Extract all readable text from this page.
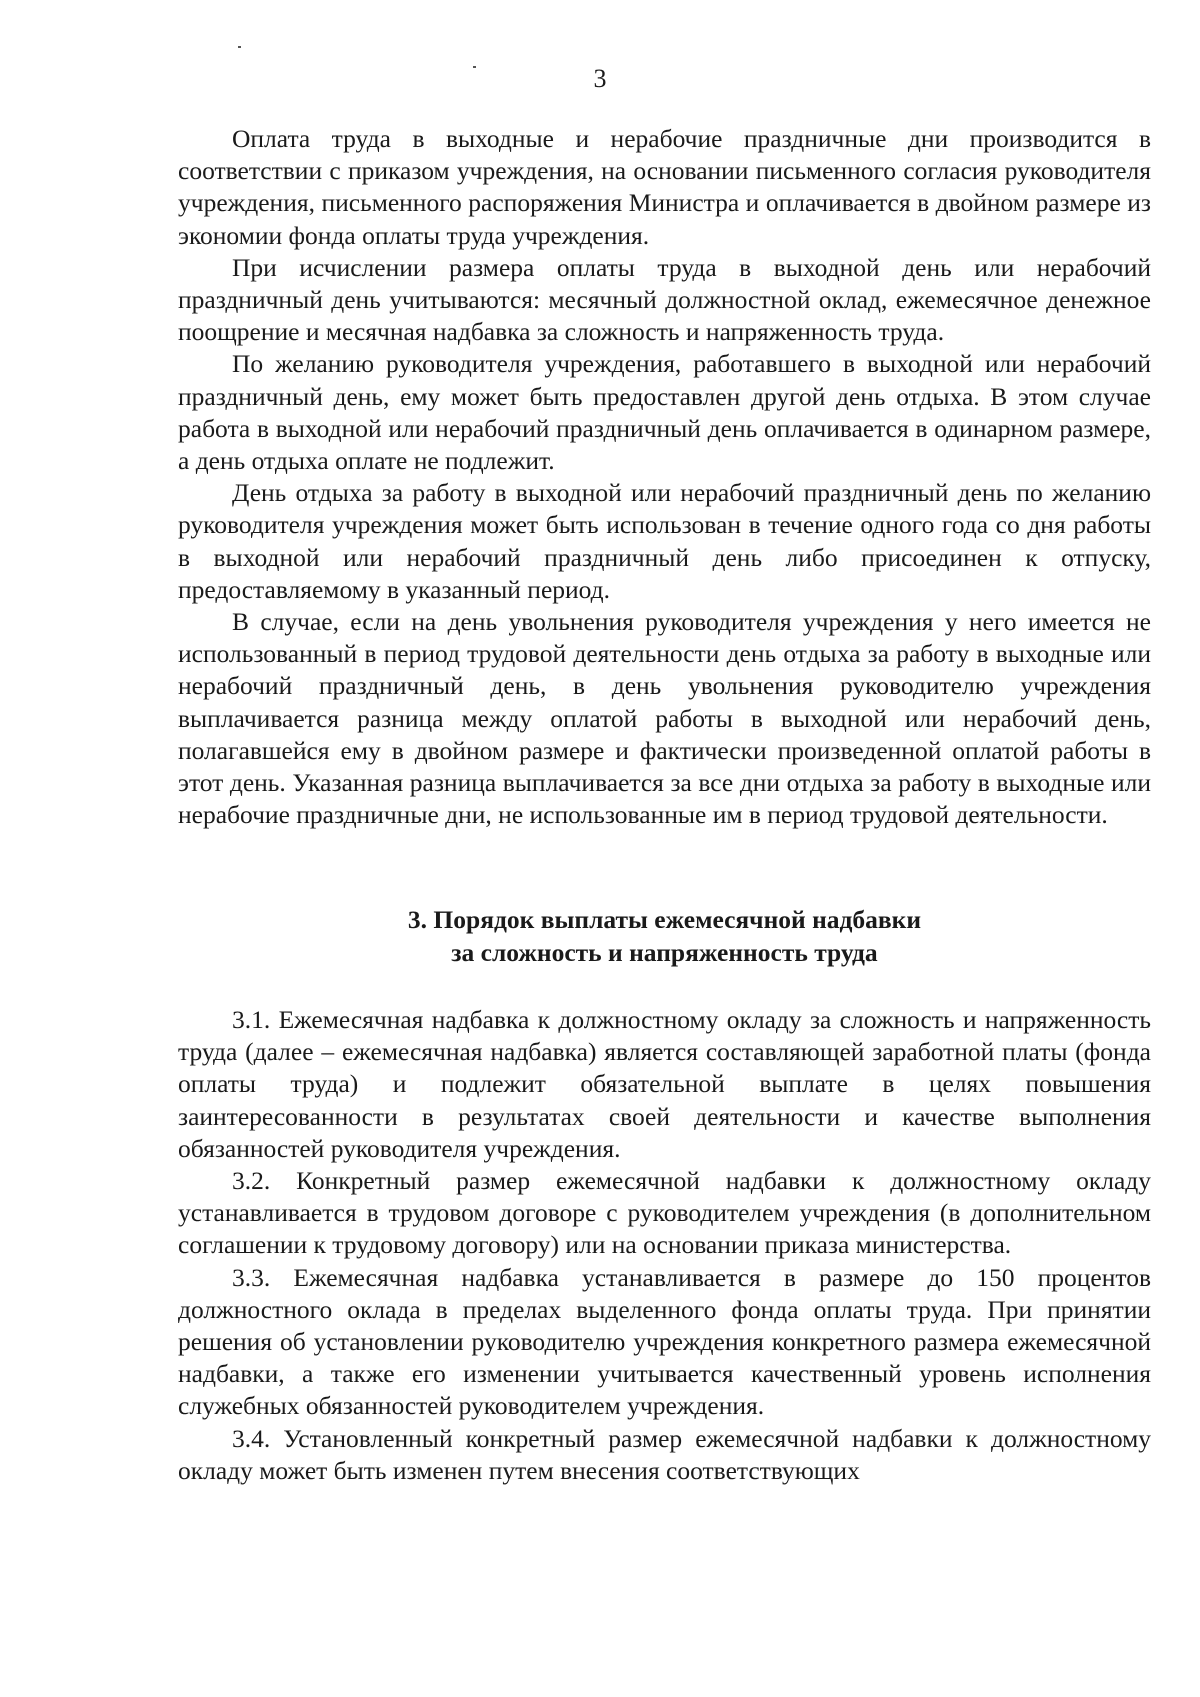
3

Оплата труда в выходные и нерабочие праздничные дни производится в соответствии с приказом учреждения, на основании письменного согласия руководителя учреждения, письменного распоряжения Министра и оплачивается в двойном размере из экономии фонда оплаты труда учреждения.

При исчислении размера оплаты труда в выходной день или нерабочий праздничный день учитываются: месячный должностной оклад, ежемесячное денежное поощрение и месячная надбавка за сложность и напряженность труда.

По желанию руководителя учреждения, работавшего в выходной или нерабочий праздничный день, ему может быть предоставлен другой день отдыха. В этом случае работа в выходной или нерабочий праздничный день оплачивается в одинарном размере, а день отдыха оплате не подлежит.

День отдыха за работу в выходной или нерабочий праздничный день по желанию руководителя учреждения может быть использован в течение одного года со дня работы в выходной или нерабочий праздничный день либо присоединен к отпуску, предоставляемому в указанный период.

В случае, если на день увольнения руководителя учреждения у него имеется не использованный в период трудовой деятельности день отдыха за работу в выходные или нерабочий праздничный день, в день увольнения руководителю учреждения выплачивается разница между оплатой работы в выходной или нерабочий день, полагавшейся ему в двойном размере и фактически произведенной оплатой работы в этот день. Указанная разница выплачивается за все дни отдыха за работу в выходные или нерабочие праздничные дни, не использованные им в период трудовой деятельности.

3. Порядок выплаты ежемесячной надбавки
за сложность и напряженность труда

3.1. Ежемесячная надбавка к должностному окладу за сложность и напряженность труда (далее – ежемесячная надбавка) является составляющей заработной платы (фонда оплаты труда) и подлежит обязательной выплате в целях повышения заинтересованности в результатах своей деятельности и качестве выполнения обязанностей руководителя учреждения.

3.2. Конкретный размер ежемесячной надбавки к должностному окладу устанавливается в трудовом договоре с руководителем учреждения (в дополнительном соглашении к трудовому договору) или на основании приказа министерства.

3.3. Ежемесячная надбавка устанавливается в размере до 150 процентов должностного оклада в пределах выделенного фонда оплаты труда. При принятии решения об установлении руководителю учреждения конкретного размера ежемесячной надбавки, а также его изменении учитывается качественный уровень исполнения служебных обязанностей руководителем учреждения.

3.4. Установленный конкретный размер ежемесячной надбавки к должностному окладу может быть изменен путем внесения соответствующих
